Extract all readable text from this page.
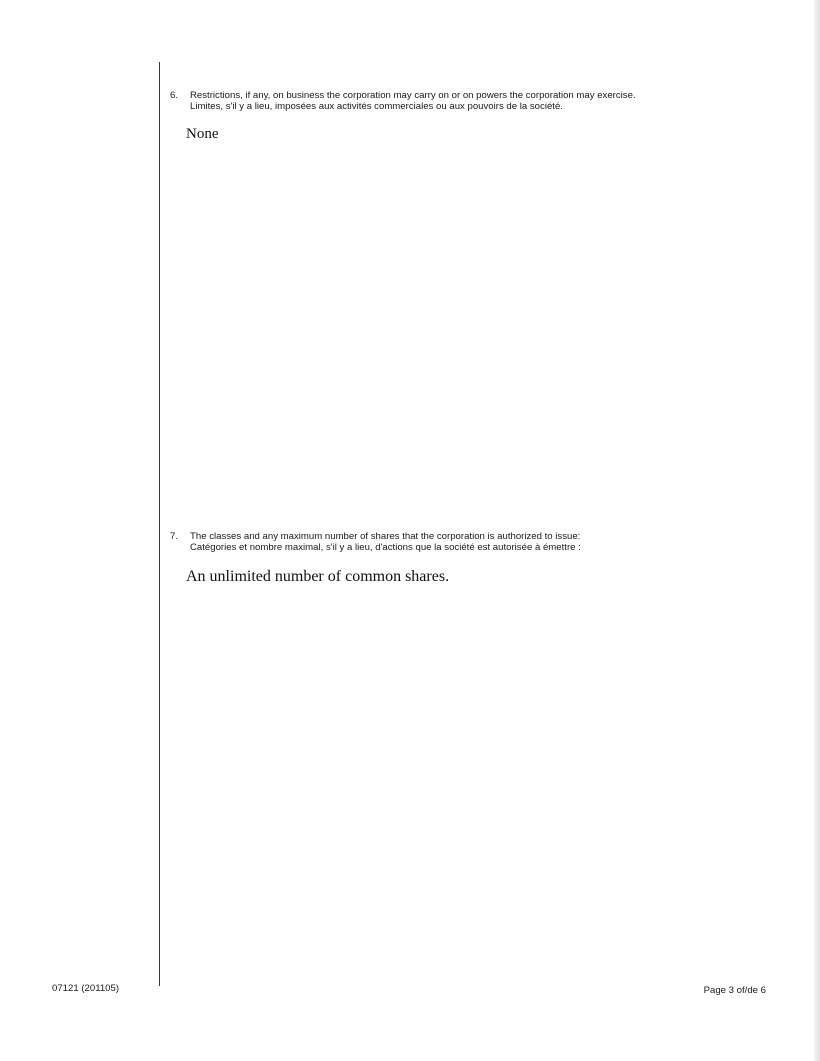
6. Restrictions, if any, on business the corporation may carry on or on powers the corporation may exercise.
Limites, s'il y a lieu, imposées aux activités commerciales ou aux pouvoirs de la société.
None
7. The classes and any maximum number of shares that the corporation is authorized to issue:
Catégories et nombre maximal, s'il y a lieu, d'actions que la société est autorisée à émettre :
An unlimited number of common shares.
07121 (201105)	Page 3 of/de 6
